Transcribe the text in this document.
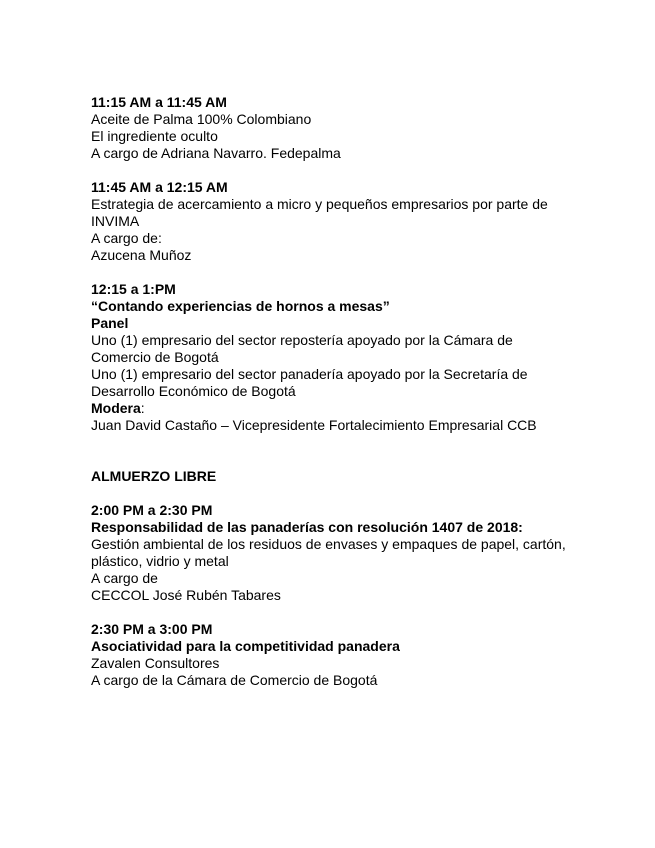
11:15 AM a 11:45 AM
Aceite de Palma 100% Colombiano
El ingrediente oculto
A cargo de Adriana Navarro. Fedepalma
11:45 AM a 12:15 AM
Estrategia de acercamiento a micro y pequeños empresarios por parte de INVIMA
A cargo de:
Azucena Muñoz
12:15 a 1:PM
“Contando experiencias de hornos a mesas”
Panel
Uno (1) empresario del sector repostería apoyado por la Cámara de Comercio de Bogotá
Uno (1) empresario del sector panadería apoyado por la Secretaría de Desarrollo Económico de Bogotá
Modera:
Juan David Castaño – Vicepresidente Fortalecimiento Empresarial CCB
ALMUERZO LIBRE
2:00 PM a 2:30 PM
Responsabilidad de las panaderías con resolución 1407 de 2018:
Gestión ambiental de los residuos de envases y empaques de papel, cartón, plástico, vidrio y metal
A cargo de
CECCOL José Rubén Tabares
2:30 PM a 3:00 PM
Asociatividad para la competitividad panadera
Zavalen Consultores
A cargo de la Cámara de Comercio de Bogotá
